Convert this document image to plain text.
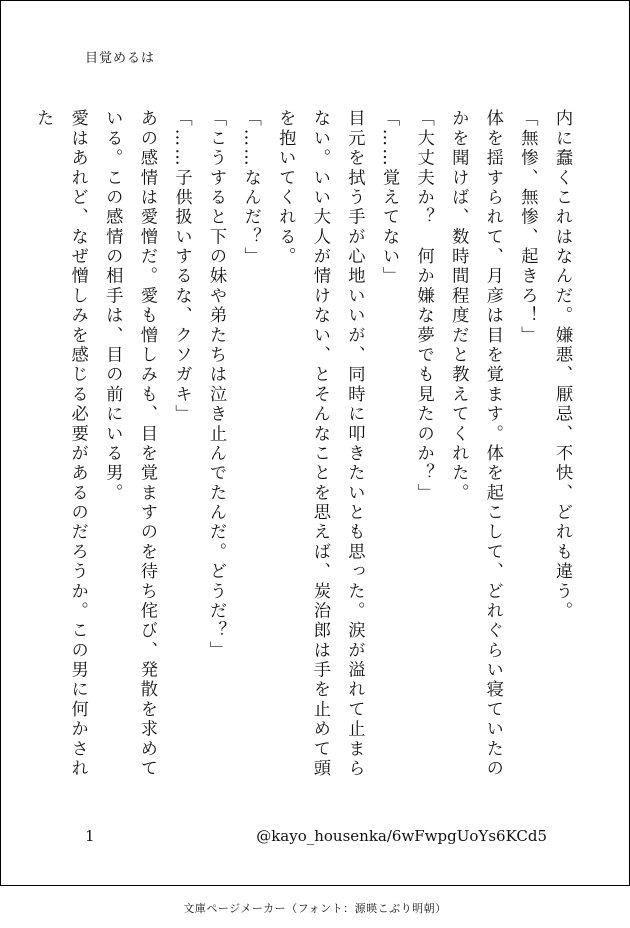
目覚めるは

内に蠢くこれはなんだ。嫌悪、厭忌、不快、どれも違う。

「無惨、無惨、起きろ！」

体を揺すられて、月彦は目を覚ます。体を起こして、どれぐらい寝ていたのかを聞けば、数時間程度だと教えてくれた。

「大丈夫か？　何か嫌な夢でも見たのか？」

「……覚えてない」

目元を拭う手が心地いいが、同時に叩きたいとも思った。涙が溢れて止まらない。いい大人が情けない、とそんなことを思えば、炭治郎は手を止めて頭を抱いてくれる。

「……なんだ？」

「こうすると下の妹や弟たちは泣き止んでたんだ。どうだ？」

「……子供扱いするな、クソガキ」

あの感情は愛憎だ。愛も憎しみも、目を覚ますのを待ち侘び、発散を求めている。この感情の相手は、目の前にいる男。

愛はあれど、なぜ憎しみを感じる必要があるのだろうか。この男に何かされた

1	@kayo_housenka/6wFwpgUoYs6KCd5
文庫ページメーカー（フォント：源暎こぶり明朝）
